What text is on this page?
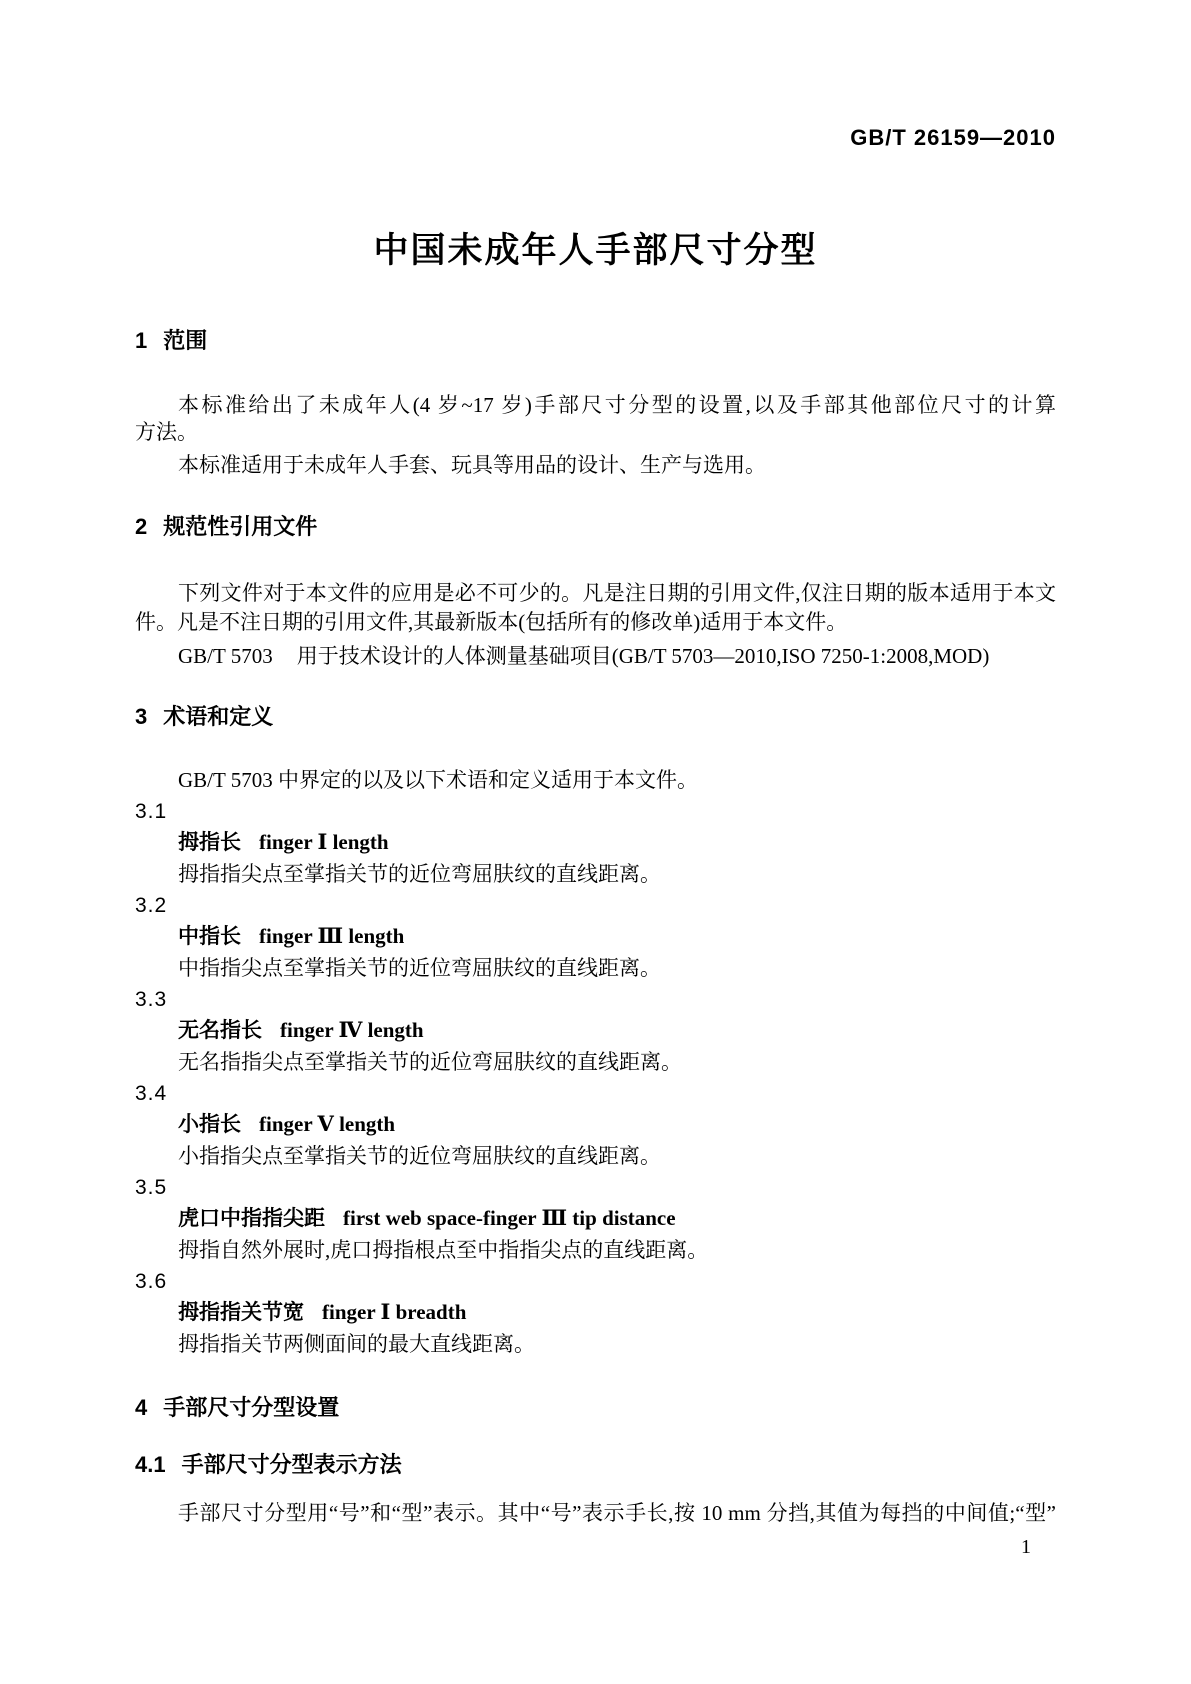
GB/T 26159—2010
中国未成年人手部尺寸分型
1 范围
本标准给出了未成年人(4 岁~17 岁)手部尺寸分型的设置,以及手部其他部位尺寸的计算
方法。
本标准适用于未成年人手套、玩具等用品的设计、生产与选用。
2 规范性引用文件
下列文件对于本文件的应用是必不可少的。凡是注日期的引用文件,仅注日期的版本适用于本文
件。凡是不注日期的引用文件,其最新版本(包括所有的修改单)适用于本文件。
GB/T 5703 用于技术设计的人体测量基础项目(GB/T 5703—2010,ISO 7250-1:2008,MOD)
3 术语和定义
GB/T 5703 中界定的以及以下术语和定义适用于本文件。
3.1
拇指长 finger Ⅰ length
拇指指尖点至掌指关节的近位弯屈肤纹的直线距离。
3.2
中指长 finger Ⅲ length
中指指尖点至掌指关节的近位弯屈肤纹的直线距离。
3.3
无名指长 finger Ⅳ length
无名指指尖点至掌指关节的近位弯屈肤纹的直线距离。
3.4
小指长 finger Ⅴ length
小指指尖点至掌指关节的近位弯屈肤纹的直线距离。
3.5
虎口中指指尖距 first web space-finger Ⅲ tip distance
拇指自然外展时,虎口拇指根点至中指指尖点的直线距离。
3.6
拇指指关节宽 finger Ⅰ breadth
拇指指关节两侧面间的最大直线距离。
4 手部尺寸分型设置
4.1 手部尺寸分型表示方法
手部尺寸分型用“号”和“型”表示。其中“号”表示手长,按 10 mm 分挡,其值为每挡的中间值;“型”
1
